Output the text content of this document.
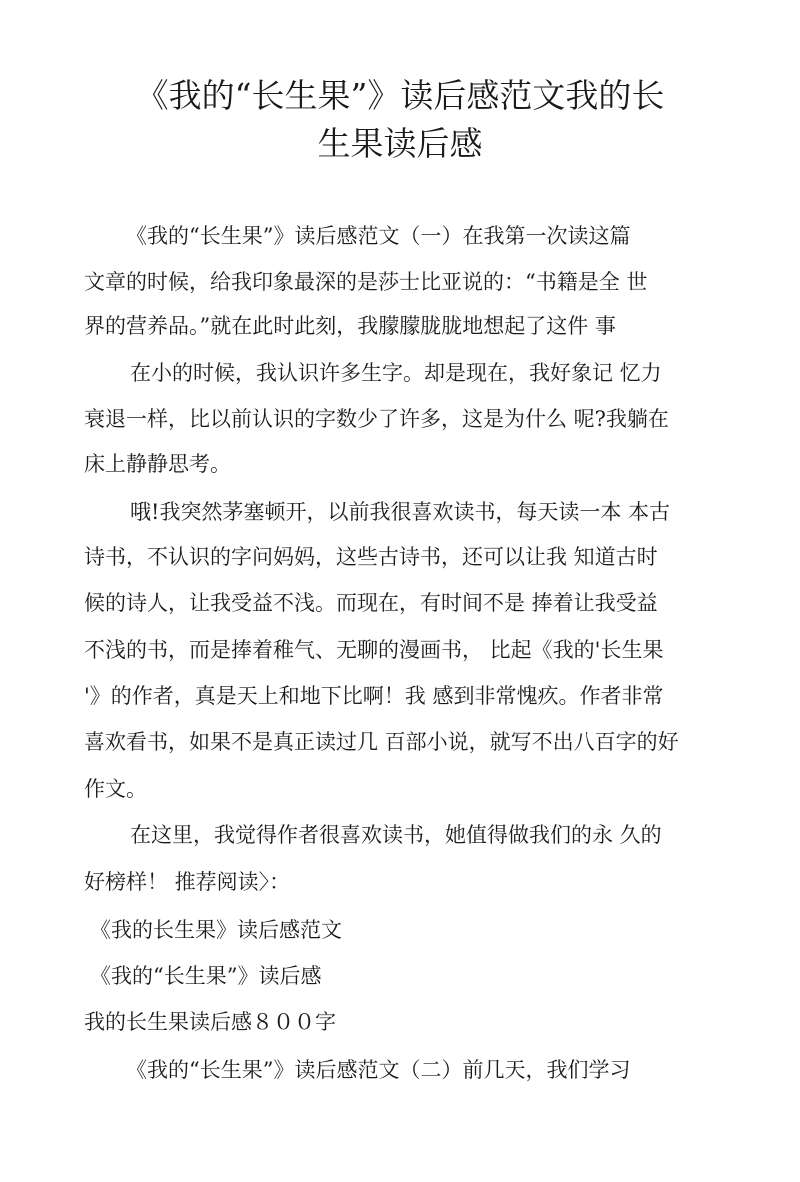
《我的“长生果”》读后感范文我的长
生果读后感

《我的“长生果”》读后感范文（一）在我第一次读这篇

文章的时候，给我印象最深的是莎士比亚说的：“书籍是全 世

界的营养品。”就在此时此刻，我朦朦胧胧地想起了这件 事

在小的时候，我认识许多生字。却是现在，我好象记 忆力

衰退一样，比以前认识的字数少了许多，这是为什么 呢?我躺在

床上静静思考。

哦!我突然茅塞顿开，以前我很喜欢读书，每天读一本 本古

诗书，不认识的字问妈妈，这些古诗书，还可以让我 知道古时

候的诗人，让我受益不浅。而现在，有时间不是 捧着让我受益

不浅的书，而是捧着稚气、无聊的漫画书， 比起《我的'长生果

'》的作者，真是天上和地下比啊！我 感到非常愧疚。作者非常

喜欢看书，如果不是真正读过几 百部小说，就写不出八百字的好

作文。

在这里，我觉得作者很喜欢读书，她值得做我们的永 久的

好榜样！ 推荐阅读〉：

《我的长生果》读后感范文

《我的“长生果”》读后感

我的长生果读后感８００字

《我的“长生果”》读后感范文（二）前几天，我们学习
